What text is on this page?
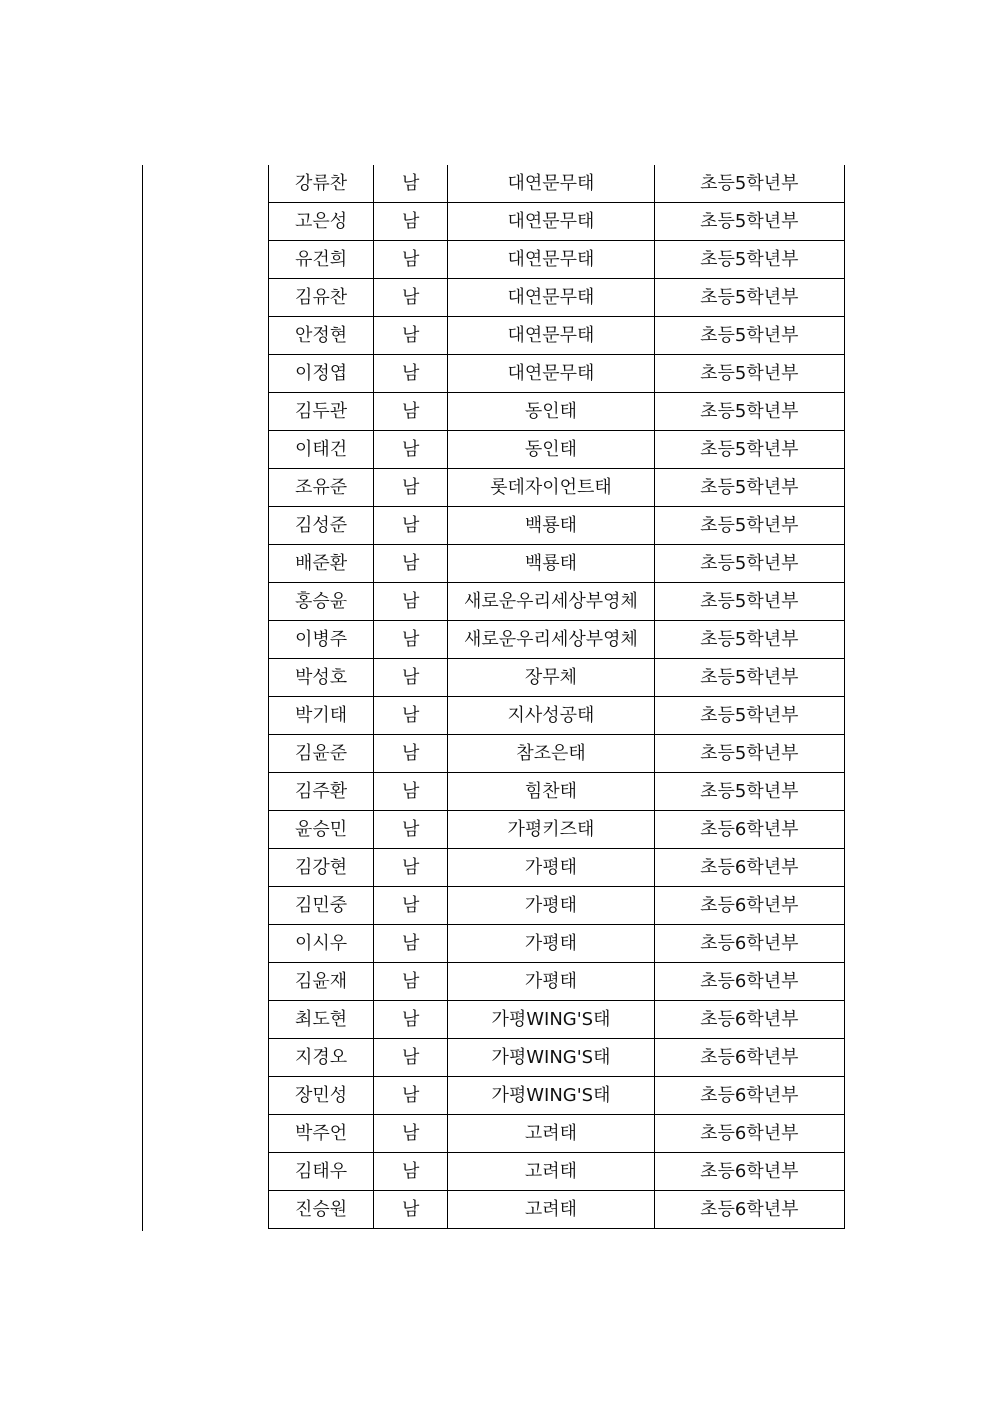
강류찬	남	대연문무태	초등5학년부
고은성	남	대연문무태	초등5학년부
유건희	남	대연문무태	초등5학년부
김유찬	남	대연문무태	초등5학년부
안정현	남	대연문무태	초등5학년부
이정엽	남	대연문무태	초등5학년부
김두관	남	동인태	초등5학년부
이태건	남	동인태	초등5학년부
조유준	남	롯데자이언트태	초등5학년부
김성준	남	백룡태	초등5학년부
배준환	남	백룡태	초등5학년부
홍승윤	남	새로운우리세상부영체	초등5학년부
이병주	남	새로운우리세상부영체	초등5학년부
박성호	남	장무체	초등5학년부
박기태	남	지사성공태	초등5학년부
김윤준	남	참조은태	초등5학년부
김주환	남	힘찬태	초등5학년부
윤승민	남	가평키즈태	초등6학년부
김강현	남	가평태	초등6학년부
김민중	남	가평태	초등6학년부
이시우	남	가평태	초등6학년부
김윤재	남	가평태	초등6학년부
최도현	남	가평WING'S태	초등6학년부
지경오	남	가평WING'S태	초등6학년부
장민성	남	가평WING'S태	초등6학년부
박주언	남	고려태	초등6학년부
김태우	남	고려태	초등6학년부
진승원	남	고려태	초등6학년부
